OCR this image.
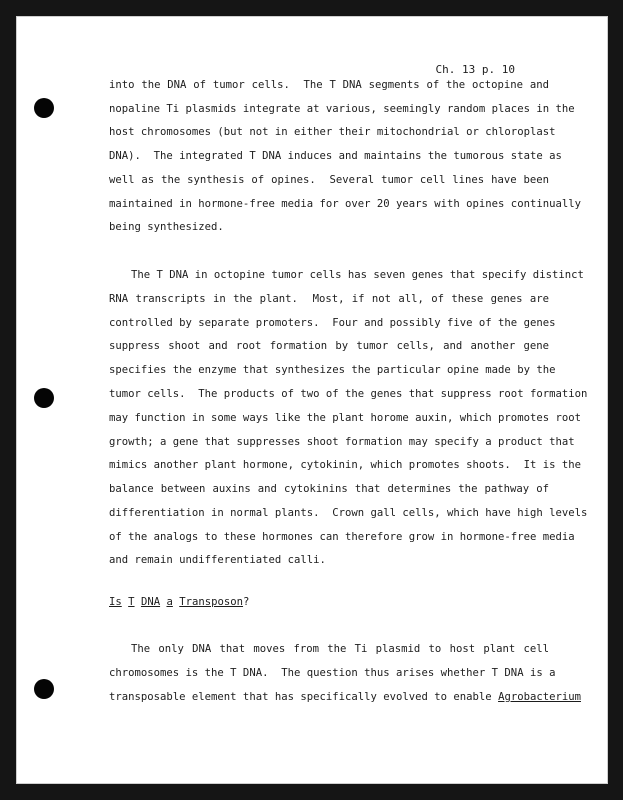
Ch. 13 p. 10
into the DNA of tumor cells.  The T DNA segments of the octopine and
nopaline Ti plasmids integrate at various, seemingly random places in the
host chromosomes (but not in either their mitochondrial or chloroplast
DNA).  The integrated T DNA induces and maintains the tumorous state as
well as the synthesis of opines.  Several tumor cell lines have been
maintained in hormone-free media for over 20 years with opines continually
being synthesized.
The T DNA in octopine tumor cells has seven genes that specify distinct
RNA transcripts in the plant.  Most, if not all, of these genes are
controlled by separate promoters.  Four and possibly five of the genes
suppress shoot and root formation by tumor cells, and another gene
specifies the enzyme that synthesizes the particular opine made by the
tumor cells.  The products of two of the genes that suppress root formation
may function in some ways like the plant horome auxin, which promotes root
growth; a gene that suppresses shoot formation may specify a product that
mimics another plant hormone, cytokinin, which promotes shoots.  It is the
balance between auxins and cytokinins that determines the pathway of
differentiation in normal plants.  Crown gall cells, which have high levels
of the analogs to these hormones can therefore grow in hormone-free media
and remain undifferentiated calli.
Is T DNA a Transposon?
The only DNA that moves from the Ti plasmid to host plant cell
chromosomes is the T DNA.  The question thus arises whether T DNA is a
transposable element that has specifically evolved to enable Agrobacterium
